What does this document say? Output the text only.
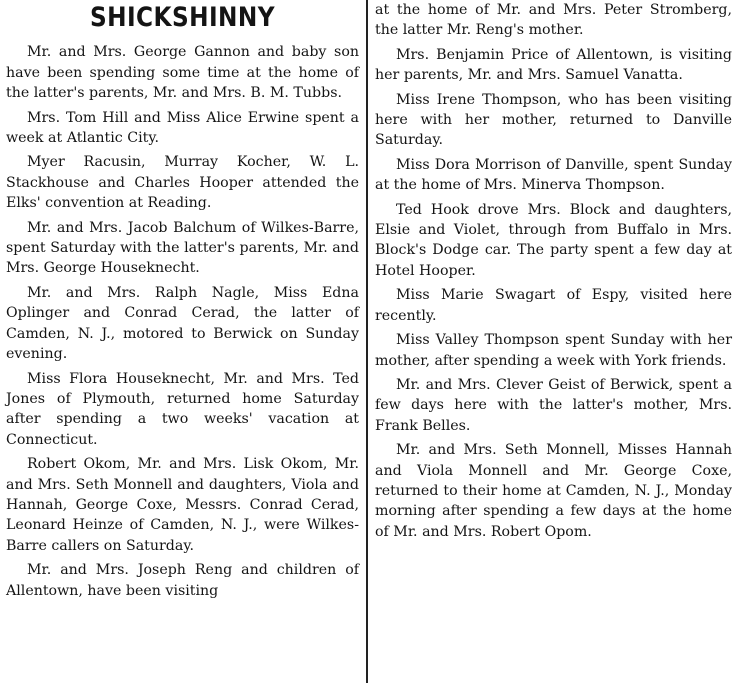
SHICKSHINNY

Mr. and Mrs. George Gannon and baby son have been spending some time at the home of the latter's parents, Mr. and Mrs. B. M. Tubbs.

Mrs. Tom Hill and Miss Alice Erwine spent a week at Atlantic City.

Myer Racusin, Murray Kocher, W. L. Stackhouse and Charles Hooper attended the Elks' convention at Reading.

Mr. and Mrs. Jacob Balchum of Wilkes-Barre, spent Saturday with the latter's parents, Mr. and Mrs. George Houseknecht.

Mr. and Mrs. Ralph Nagle, Miss Edna Oplinger and Conrad Cerad, the latter of Camden, N. J., motored to Berwick on Sunday evening.

Miss Flora Houseknecht, Mr. and Mrs. Ted Jones of Plymouth, returned home Saturday after spending a two weeks' vacation at Connecticut.

Robert Okom, Mr. and Mrs. Lisk Okom, Mr. and Mrs. Seth Monnell and daughters, Viola and Hannah, George Coxe, Messrs. Conrad Cerad, Leonard Heinze of Camden, N. J., were Wilkes-Barre callers on Saturday.

Mr. and Mrs. Joseph Reng and children of Allentown, have been visiting

at the home of Mr. and Mrs. Peter Stromberg, the latter Mr. Reng's mother.

Mrs. Benjamin Price of Allentown, is visiting her parents, Mr. and Mrs. Samuel Vanatta.

Miss Irene Thompson, who has been visiting here with her mother, returned to Danville Saturday.

Miss Dora Morrison of Danville, spent Sunday at the home of Mrs. Minerva Thompson.

Ted Hook drove Mrs. Block and daughters, Elsie and Violet, through from Buffalo in Mrs. Block's Dodge car. The party spent a few day at Hotel Hooper.

Miss Marie Swagart of Espy, visited here recently.

Miss Valley Thompson spent Sunday with her mother, after spending a week with York friends.

Mr. and Mrs. Clever Geist of Berwick, spent a few days here with the latter's mother, Mrs. Frank Belles.

Mr. and Mrs. Seth Monnell, Misses Hannah and Viola Monnell and Mr. George Coxe, returned to their home at Camden, N. J., Monday morning after spending a few days at the home of Mr. and Mrs. Robert Opom.
